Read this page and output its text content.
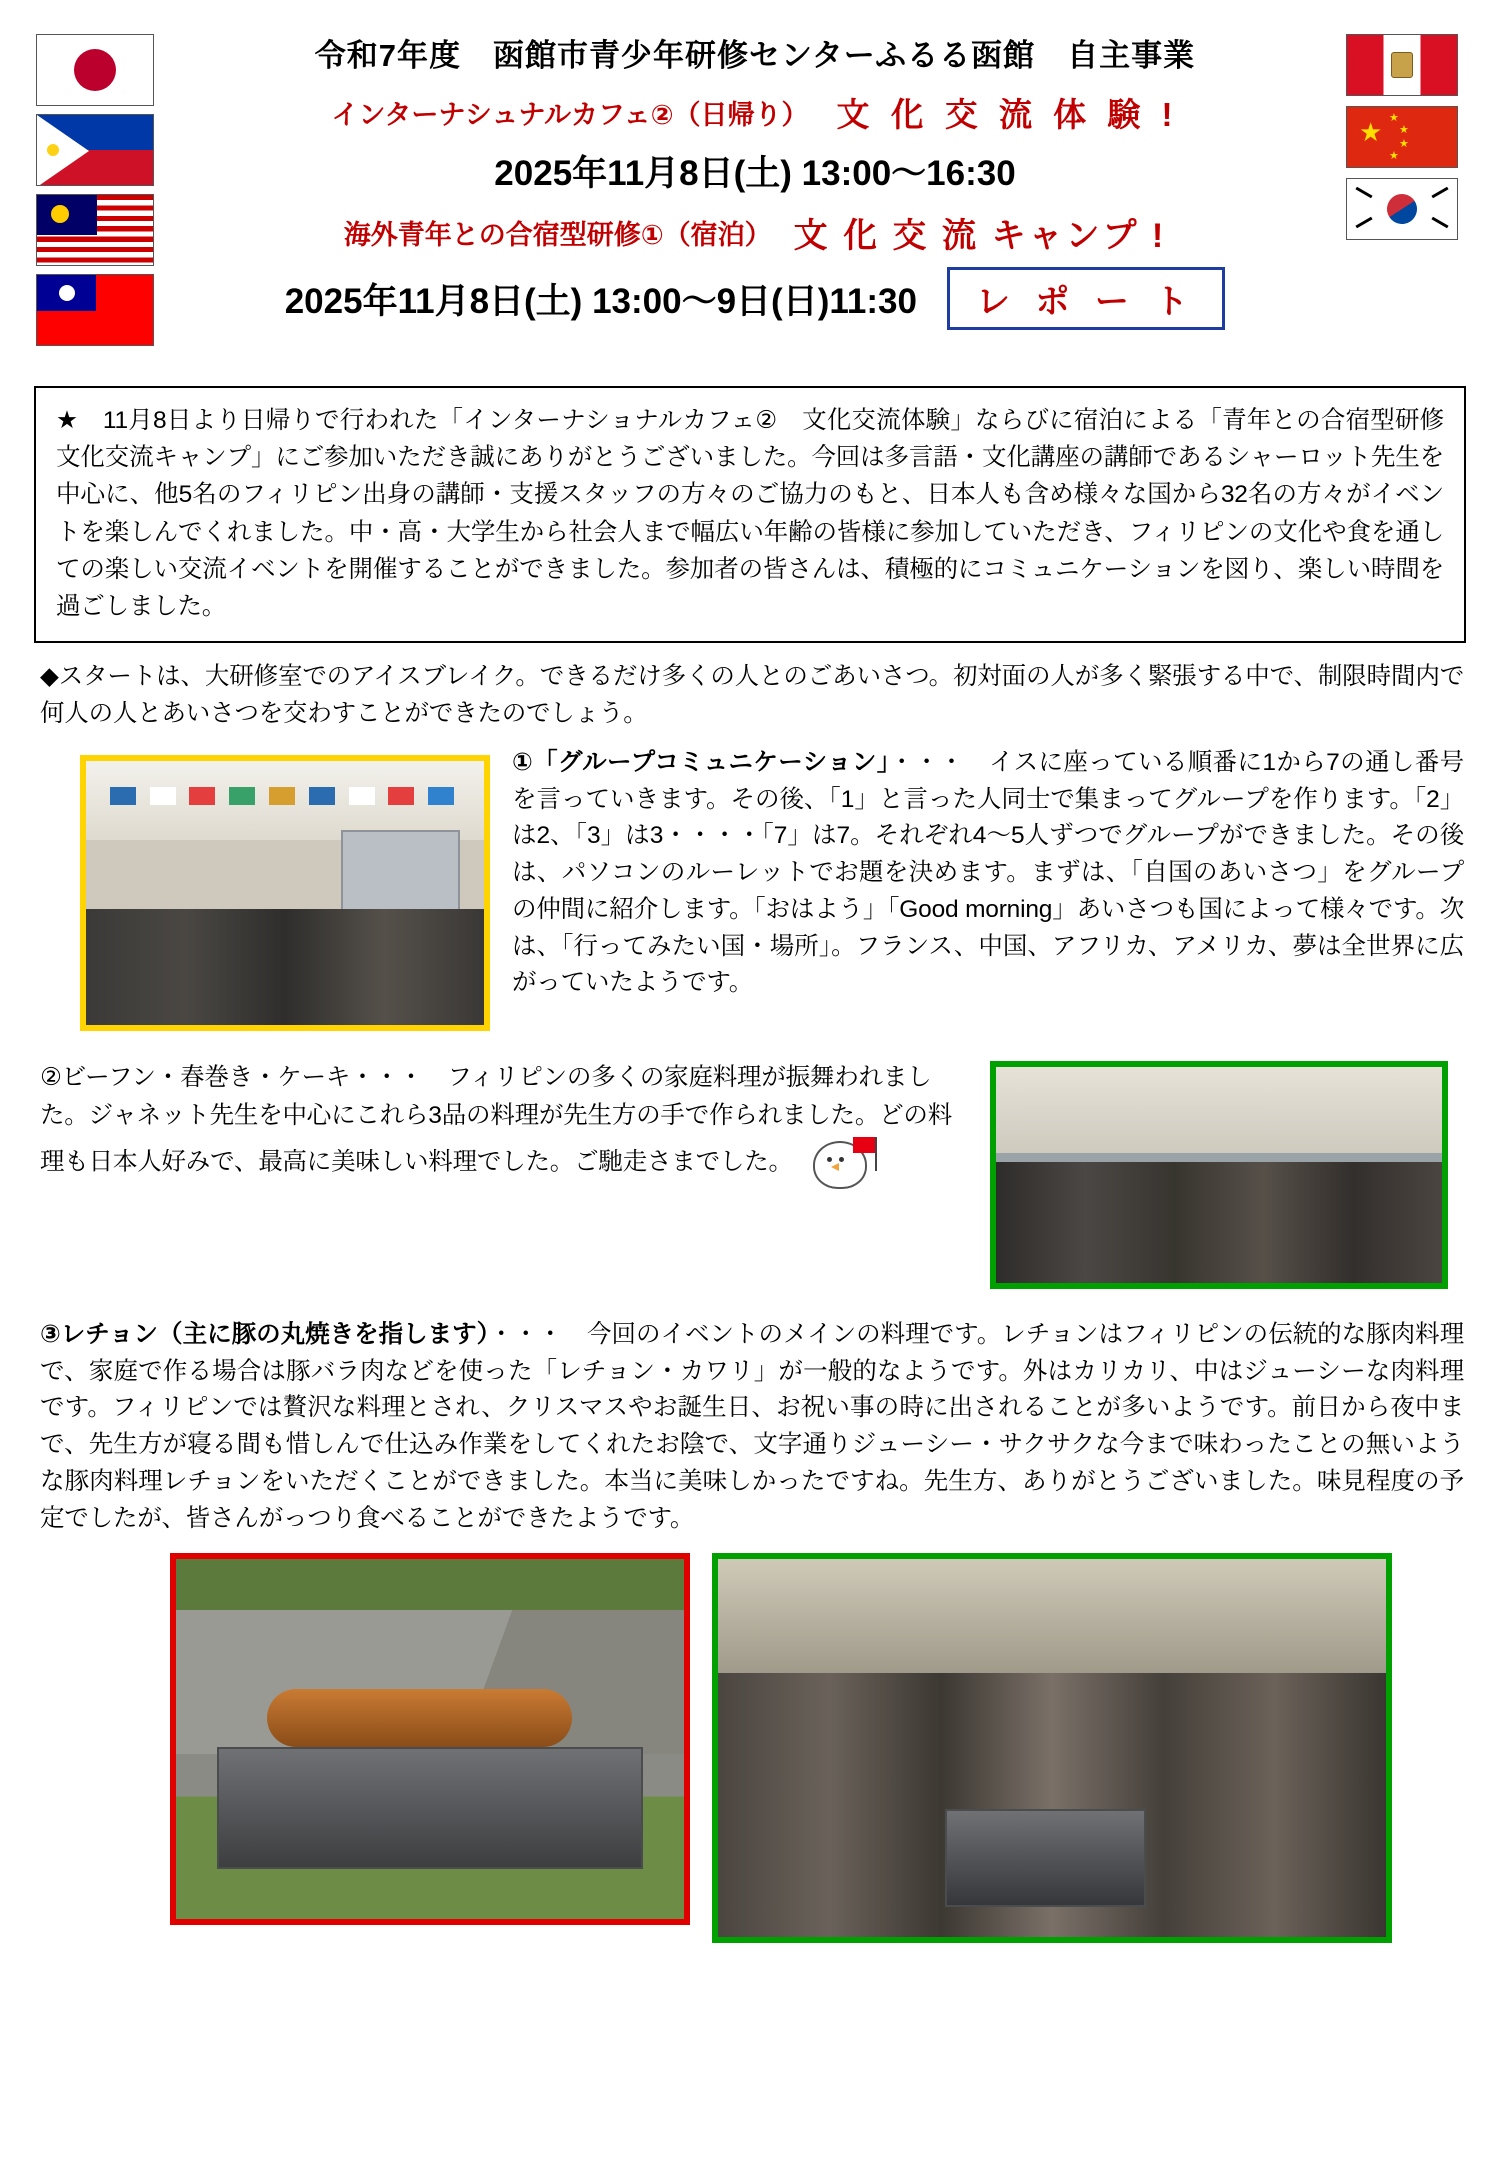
★ ★
★
★
★
令和7年度　函館市青少年研修センターふるる函館　自主事業
インターナシュナルカフェ②（日帰り） 文 化 交 流 体 験 !
2025年11月8日(土) 13:00〜16:30
海外青年との合宿型研修①（宿泊） 文 化 交 流 キャンプ !
2025年11月8日(土) 13:00〜9日(日)11:30	レ ポ ー ト

★　11月8日より日帰りで行われた「インターナショナルカフェ②　文化交流体験」ならびに宿泊による「青年との合宿型研修　文化交流キャンプ」にご参加いただき誠にありがとうございました。今回は多言語・文化講座の講師であるシャーロット先生を中心に、他5名のフィリピン出身の講師・支援スタッフの方々のご協力のもと、日本人も含め様々な国から32名の方々がイベントを楽しんでくれました。中・高・大学生から社会人まで幅広い年齢の皆様に参加していただき、フィリピンの文化や食を通しての楽しい交流イベントを開催することができました。参加者の皆さんは、積極的にコミュニケーションを図り、楽しい時間を過ごしました。

◆スタートは、大研修室でのアイスブレイク。できるだけ多くの人とのごあいさつ。初対面の人が多く緊張する中で、制限時間内で何人の人とあいさつを交わすことができたのでしょう。
①「グループコミュニケーション」・・・　イスに座っている順番に1から7の通し番号を言っていきます。その後、「1」と言った人同士で集まってグループを作ります。「2」は2、「3」は3・・・・「7」は7。それぞれ4〜5人ずつでグループができました。その後は、パソコンのルーレットでお題を決めます。まずは、「自国のあいさつ」をグループの仲間に紹介します。「おはよう」「Good morning」あいさつも国によって様々です。次は、「行ってみたい国・場所」。フランス、中国、アフリカ、アメリカ、夢は全世界に広がっていたようです。
②ビーフン・春巻き・ケーキ・・・　フィリピンの多くの家庭料理が振舞われました。ジャネット先生を中心にこれら3品の料理が先生方の手で作られました。どの料理も日本人好みで、最高に美味しい料理でした。ご馳走さまでした。
③レチョン（主に豚の丸焼きを指します）・・・　今回のイベントのメインの料理です。レチョンはフィリピンの伝統的な豚肉料理で、家庭で作る場合は豚バラ肉などを使った「レチョン・カワリ」が一般的なようです。外はカリカリ、中はジューシーな肉料理です。フィリピンでは贅沢な料理とされ、クリスマスやお誕生日、お祝い事の時に出されることが多いようです。前日から夜中まで、先生方が寝る間も惜しんで仕込み作業をしてくれたお陰で、文字通りジューシー・サクサクな今まで味わったことの無いような豚肉料理レチョンをいただくことができました。本当に美味しかったですね。先生方、ありがとうございました。味見程度の予定でしたが、皆さんがっつり食べることができたようです。
